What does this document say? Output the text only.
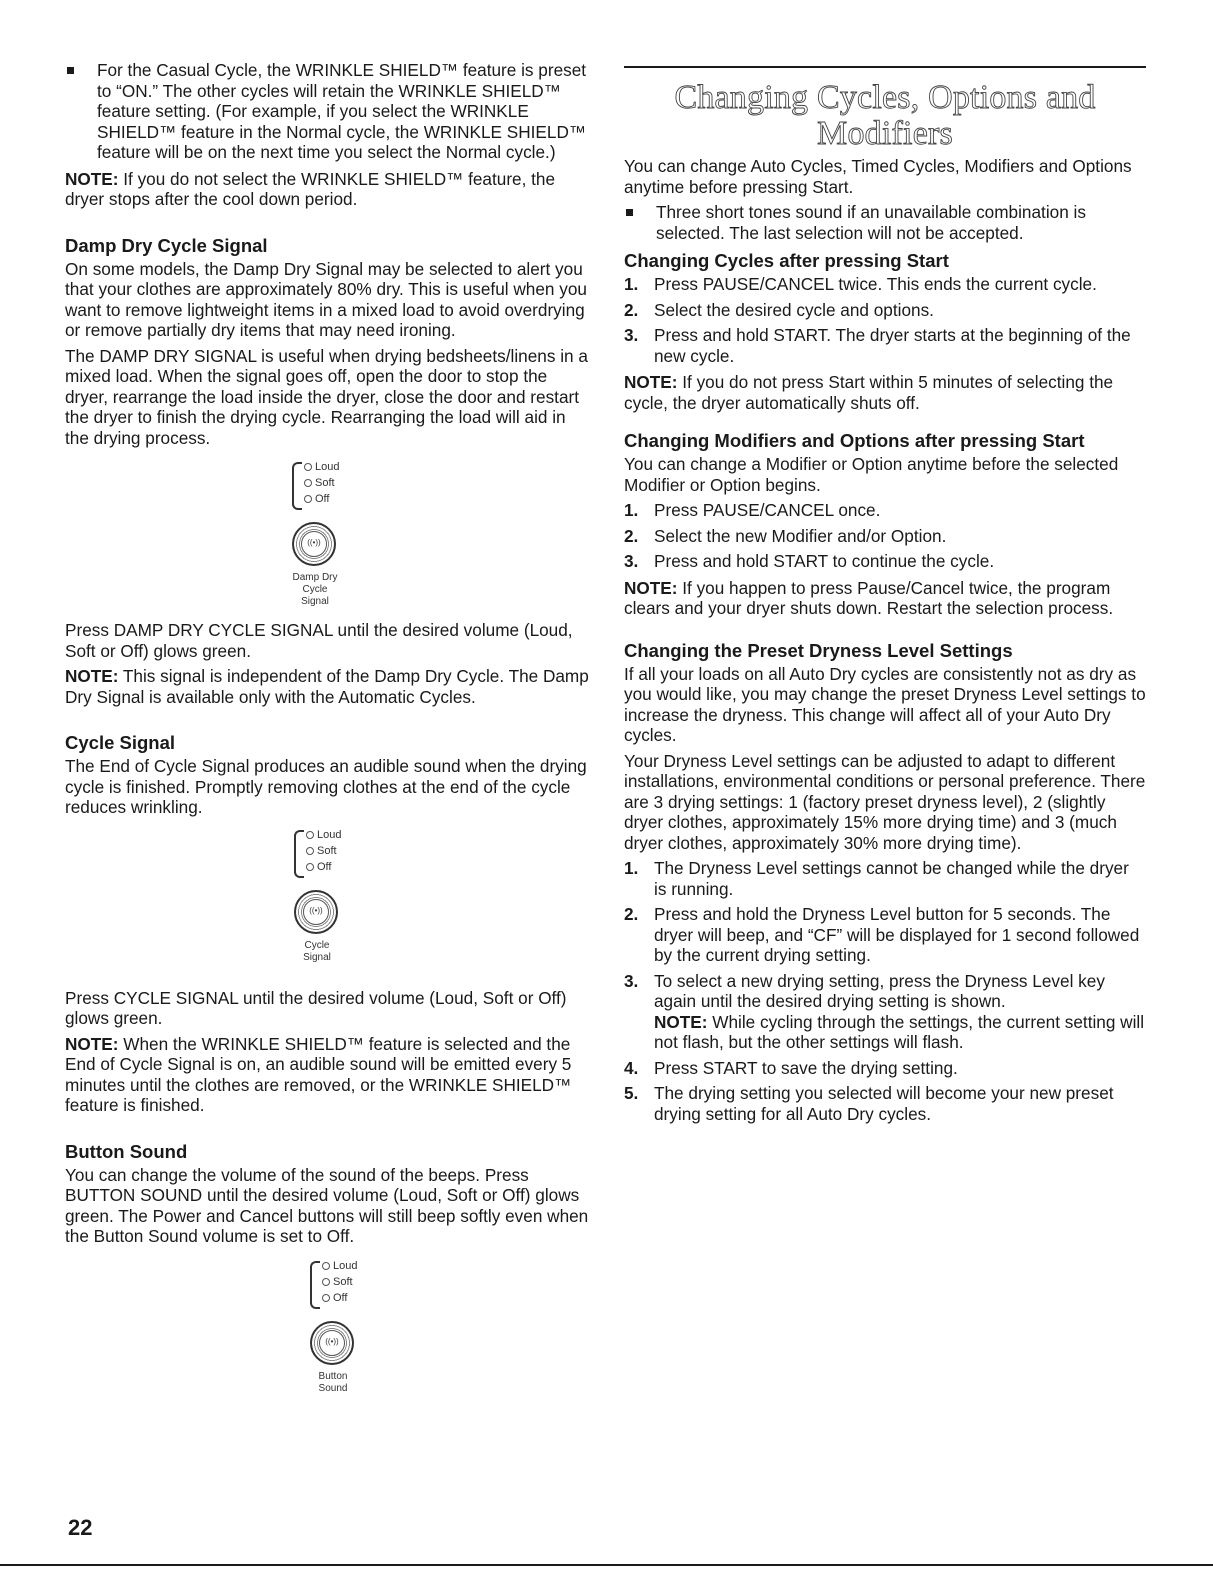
For the Casual Cycle, the WRINKLE SHIELD™ feature is preset to “ON.” The other cycles will retain the WRINKLE SHIELD™ feature setting. (For example, if you select the WRINKLE SHIELD™ feature in the Normal cycle, the WRINKLE SHIELD™ feature will be on the next time you select the Normal cycle.)

NOTE: If you do not select the WRINKLE SHIELD™ feature, the dryer stops after the cool down period.

Damp Dry Cycle Signal

On some models, the Damp Dry Signal may be selected to alert you that your clothes are approximately 80% dry. This is useful when you want to remove lightweight items in a mixed load to avoid overdrying or remove partially dry items that may need ironing.

The DAMP DRY SIGNAL is useful when drying bedsheets/linens in a mixed load. When the signal goes off, open the door to stop the dryer, rearrange the load inside the dryer, close the door and restart the dryer to finish the drying cycle. Rearranging the load will aid in the drying process.

Loud
Soft
Off
((•))
Damp Dry
Cycle Signal

Press DAMP DRY CYCLE SIGNAL until the desired volume (Loud, Soft or Off) glows green.

NOTE: This signal is independent of the Damp Dry Cycle. The Damp Dry Signal is available only with the Automatic Cycles.

Cycle Signal

The End of Cycle Signal produces an audible sound when the drying cycle is finished. Promptly removing clothes at the end of the cycle reduces wrinkling.

Loud
Soft
Off
((•))
Cycle
Signal

Press CYCLE SIGNAL until the desired volume (Loud, Soft or Off) glows green.

NOTE: When the WRINKLE SHIELD™ feature is selected and the End of Cycle Signal is on, an audible sound will be emitted every 5 minutes until the clothes are removed, or the WRINKLE SHIELD™ feature is finished.

Button Sound

You can change the volume of the sound of the beeps. Press BUTTON SOUND until the desired volume (Loud, Soft or Off) glows green. The Power and Cancel buttons will still beep softly even when the Button Sound volume is set to Off.

Loud
Soft
Off
((•))
Button
Sound
Changing Cycles, Options and Modifiers

You can change Auto Cycles, Timed Cycles, Modifiers and Options anytime before pressing Start.

Three short tones sound if an unavailable combination is selected. The last selection will not be accepted.
Changing Cycles after pressing Start
1. Press PAUSE/CANCEL twice. This ends the current cycle.
2. Select the desired cycle and options.
3. Press and hold START. The dryer starts at the beginning of the new cycle.

NOTE: If you do not press Start within 5 minutes of selecting the cycle, the dryer automatically shuts off.

Changing Modifiers and Options after pressing Start

You can change a Modifier or Option anytime before the selected Modifier or Option begins.

1. Press PAUSE/CANCEL once.
2. Select the new Modifier and/or Option.
3. Press and hold START to continue the cycle.

NOTE: If you happen to press Pause/Cancel twice, the program clears and your dryer shuts down. Restart the selection process.

Changing the Preset Dryness Level Settings

If all your loads on all Auto Dry cycles are consistently not as dry as you would like, you may change the preset Dryness Level settings to increase the dryness. This change will affect all of your Auto Dry cycles.

Your Dryness Level settings can be adjusted to adapt to different installations, environmental conditions or personal preference. There are 3 drying settings: 1 (factory preset dryness level), 2 (slightly dryer clothes, approximately 15% more drying time) and 3 (much dryer clothes, approximately 30% more drying time).

1. The Dryness Level settings cannot be changed while the dryer is running.
2. Press and hold the Dryness Level button for 5 seconds. The dryer will beep, and “CF” will be displayed for 1 second followed by the current drying setting.
3. To select a new drying setting, press the Dryness Level key again until the desired drying setting is shown.
NOTE: While cycling through the settings, the current setting will not flash, but the other settings will flash.
4. Press START to save the drying setting.
5. The drying setting you selected will become your new preset drying setting for all Auto Dry cycles.
22
